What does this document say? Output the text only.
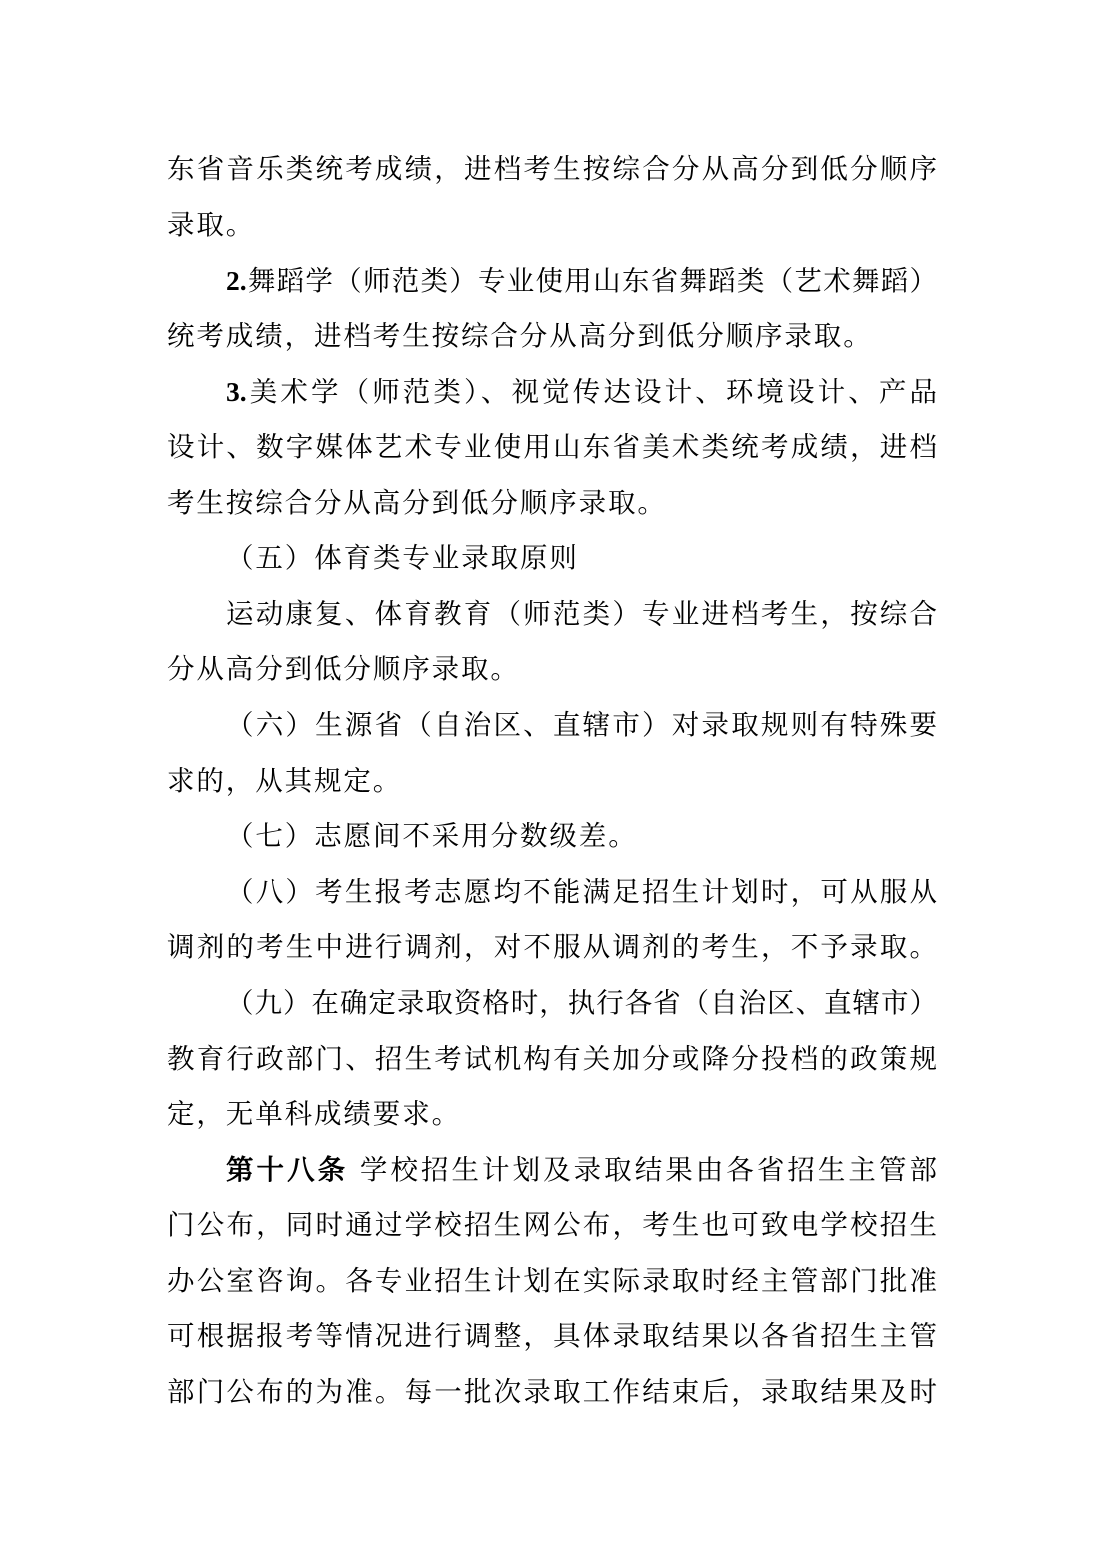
东省音乐类统考成绩，进档考生按综合分从高分到低分顺序
录取。
2.舞蹈学（师范类）专业使用山东省舞蹈类（艺术舞蹈）
统考成绩，进档考生按综合分从高分到低分顺序录取。
3.美术学（师范类）、视觉传达设计、环境设计、产品
设计、数字媒体艺术专业使用山东省美术类统考成绩，进档
考生按综合分从高分到低分顺序录取。
（五）体育类专业录取原则
运动康复、体育教育（师范类）专业进档考生，按综合
分从高分到低分顺序录取。
（六）生源省（自治区、直辖市）对录取规则有特殊要
求的，从其规定。
（七）志愿间不采用分数级差。
（八）考生报考志愿均不能满足招生计划时，可从服从
调剂的考生中进行调剂，对不服从调剂的考生，不予录取。
（九）在确定录取资格时，执行各省（自治区、直辖市）
教育行政部门、招生考试机构有关加分或降分投档的政策规
定，无单科成绩要求。
第十八条 学校招生计划及录取结果由各省招生主管部
门公布，同时通过学校招生网公布，考生也可致电学校招生
办公室咨询。各专业招生计划在实际录取时经主管部门批准
可根据报考等情况进行调整，具体录取结果以各省招生主管
部门公布的为准。每一批次录取工作结束后，录取结果及时
